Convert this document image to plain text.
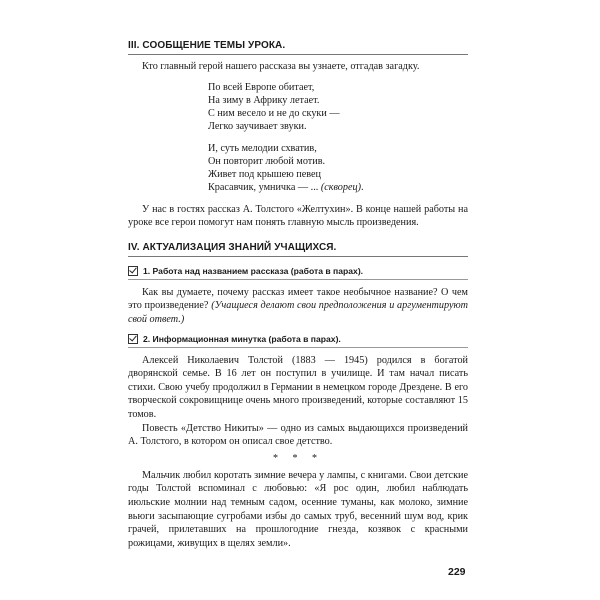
III. СООБЩЕНИЕ ТЕМЫ УРОКА.

Кто главный герой нашего рассказа вы узнаете, отгадав загадку.

По всей Европе обитает,
На зиму в Африку летает.
С ним весело и не до скуки —
Легко заучивает звуки.
И, суть мелодии схватив,
Он повторит любой мотив.
Живет под крышею певец
Красавчик, умничка — ... (скворец).

У нас в гостях рассказ А. Толстого «Желтухин». В конце нашей работы на уроке все герои помогут нам понять главную мысль произведения.

IV. АКТУАЛИЗАЦИЯ ЗНАНИЙ УЧАЩИХСЯ.
1. Работа над названием рассказа (работа в парах).

Как вы думаете, почему рассказ имеет такое необычное название? О чем это произведение? (Учащиеся делают свои предположения и аргументируют свой ответ.)

2. Информационная минутка (работа в парах).

Алексей Николаевич Толстой (1883 — 1945) родился в богатой дворянской семье. В 16 лет он поступил в училище. И там начал писать стихи. Свою учебу продолжил в Германии в немецком городе Дрездене. В его творческой сокровищнице очень много произведений, которые составляют 15 томов.

Повесть «Детство Никиты» — одно из самых выдающихся произведений А. Толстого, в котором он описал свое детство.

* * *

Мальчик любил коротать зимние вечера у лампы, с книгами. Свои детские годы Толстой вспоминал с любовью: «Я рос один, любил наблюдать июльские молнии над темным садом, осенние туманы, как молоко, зимние вьюги засыпающие сугробами избы до самых труб, весенний шум вод, крик грачей, прилетавших на прошлогодние гнезда, козявок с красными рожицами, живущих в щелях земли».

229
